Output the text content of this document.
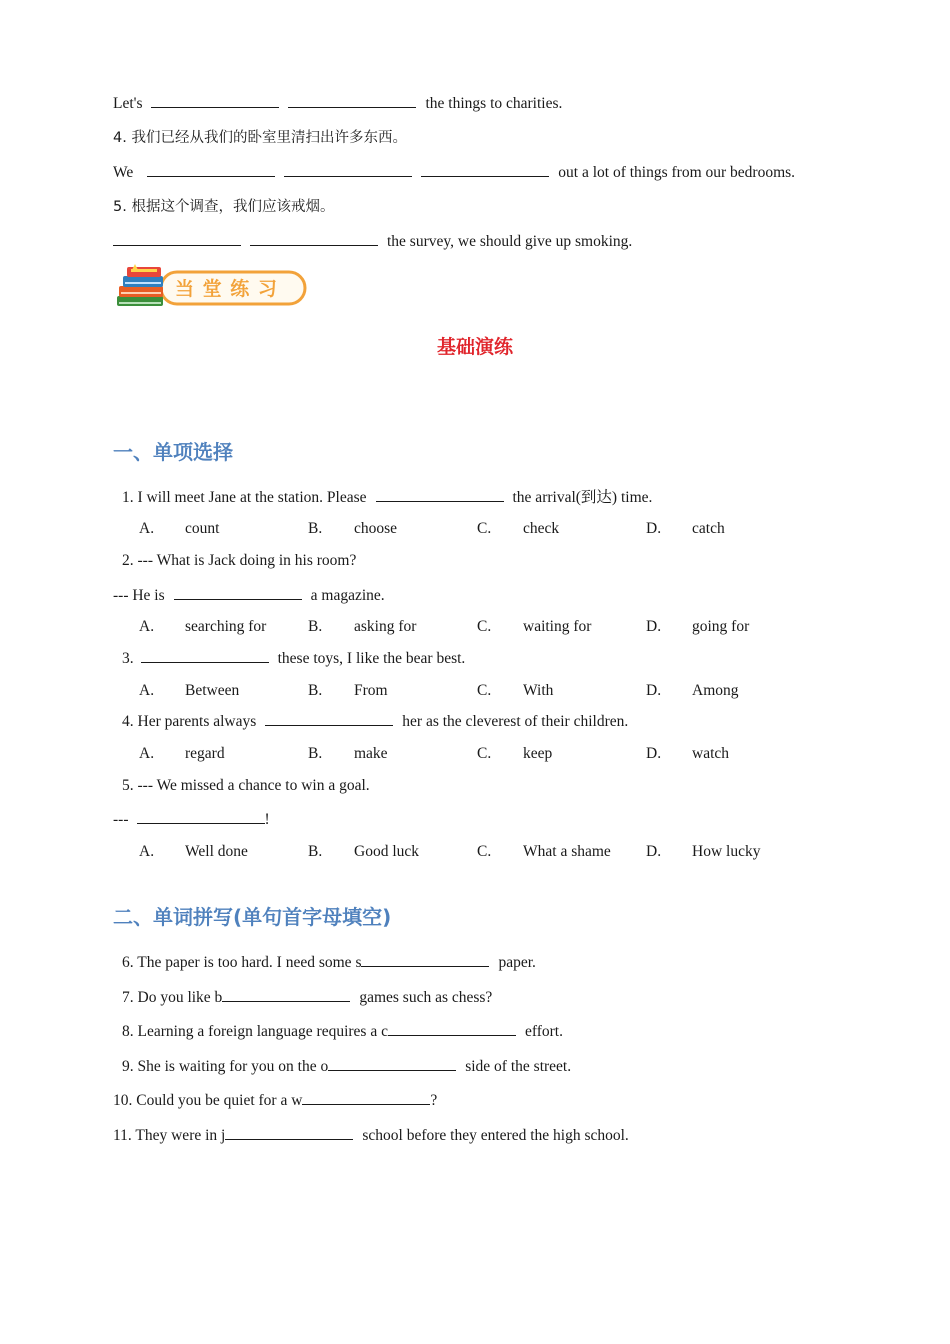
Let's	the things to charities.
4. 我们已经从我们的卧室里清扫出许多东西。
We	out a lot of things from our bedrooms.
5. 根据这个调查，我们应该戒烟。
the survey, we should give up smoking.
当 堂 练 习
基础演练
一、单项选择
1. I will meet Jane at the station. Please	the arrival(到达) time.
A. count	B. choose	C. check	D. catch
2. --- What is Jack doing in his room?
--- He is	a magazine.
A. searching for	B. asking for	C. waiting for	D. going for
3.	these toys, I like the bear best.
A. Between	B. From	C. With	D. Among
4. Her parents always	her as the cleverest of their children.
A. regard	B. make	C. keep	D. watch
5. --- We missed a chance to win a goal.
---	!
A. Well done	B. Good luck	C. What a shame D. How lucky
二、单词拼写(单句首字母填空)
6. The paper is too hard. I need some s	paper.
7. Do you like b	games such as chess?
8. Learning a foreign language requires a c	effort.
9. She is waiting for you on the o	side of the street.
10. Could you be quiet for a w	?
11. They were in j	school before they entered the high school.
